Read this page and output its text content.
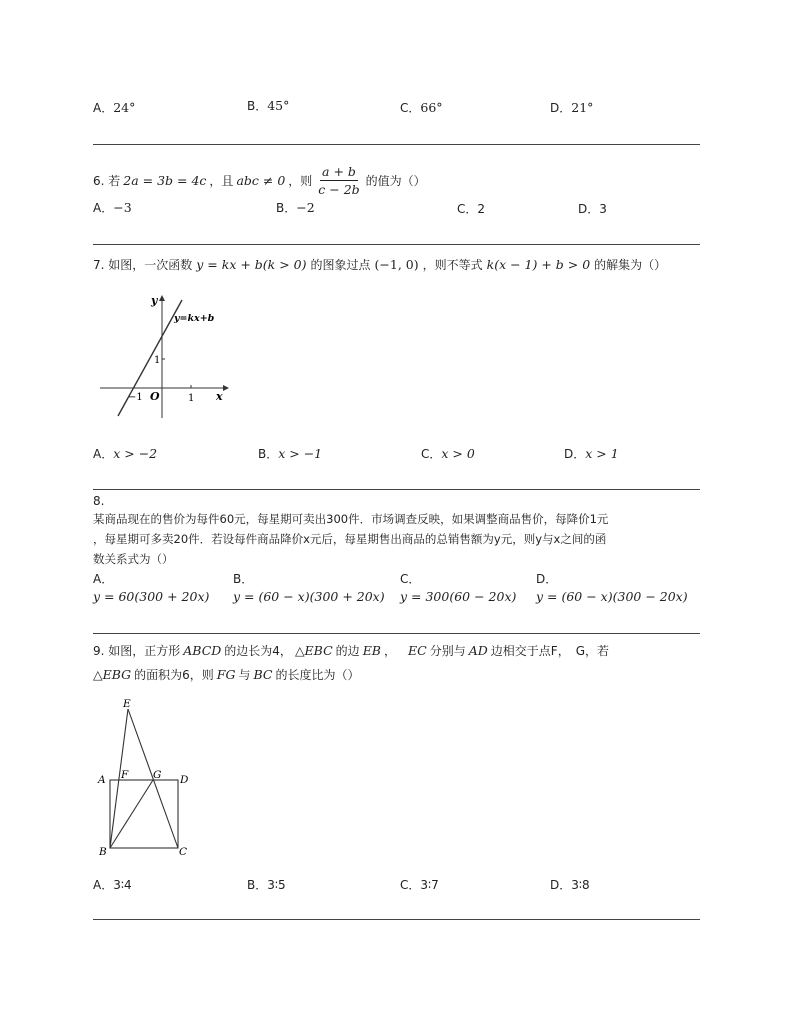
A．24°	B．45°	C．66°	D．21°
6. 若 2a = 3b = 4c ，且 abc ≠ 0 ，则 $\frac{a + b}{c - 2b}$ 的值为（）
A．−3	B．−2	C．2	D．3
7. 如图，一次函数 y = kx + b(k > 0) 的图象过点 (−1, 0) ，则不等式 k(x − 1) + b > 0 的解集为（）
y
x
O
−1	1
1
y=kx+b
A．x > −2	B．x > −1	C．x > 0	D．x > 1
8.
某商品现在的售价为每件60元，每星期可卖出300件．市场调查反映，如果调整商品售价，每降价1元
，每星期可多卖20件．若设每件商品降价x元后，每星期售出商品的总销售额为y元，则y与x之间的函
数关系式为（）
A．
y = 60(300 + 20x)
B．
y = (60 − x)(300 + 20x)
C．
y = 300(60 − 20x)
D．
y = (60 − x)(300 − 20x)
9. 如图，正方形 ABCD 的边长为4， △EBC 的边 EB ， EC 分别与 AD 边相交于点F， G，若
△EBG 的面积为6，则 FG 与 BC 的长度比为（）
E
A F G D
B	C
A．3∶4	B．3∶5	C．3∶7	D．3∶8
